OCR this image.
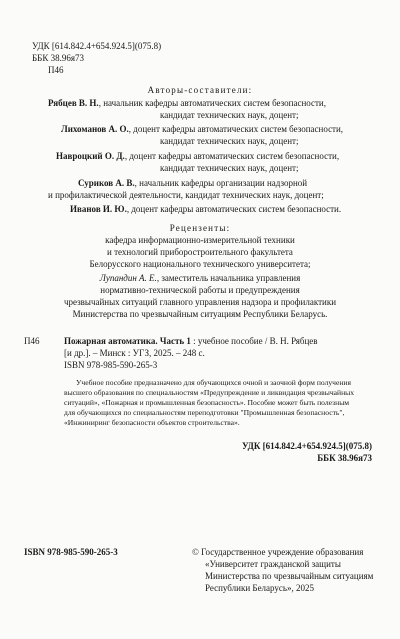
УДК [614.842.4+654.924.5](075.8)
ББК 38.96я73
П46
Авторы-составители:
Рябцев В. Н., начальник кафедры автоматических систем безопасности,
кандидат технических наук, доцент;
Лихоманов А. О., доцент кафедры автоматических систем безопасности,
кандидат технических наук, доцент;
Навроцкий О. Д., доцент кафедры автоматических систем безопасности,
кандидат технических наук, доцент;
Суриков А. В., начальник кафедры организации надзорной
и профилактической деятельности, кандидат технических наук, доцент;
Иванов И. Ю., доцент кафедры автоматических систем безопасности.
Рецензенты:
кафедра информационно-измерительной техники
и технологий приборостроительного факультета
Белорусского национального технического университета;
Лупандин А. Е., заместитель начальника управления
нормативно-технической работы и предупреждения
чрезвычайных ситуаций главного управления надзора и профилактики
Министерства по чрезвычайным ситуациям Республики Беларусь.
П46	Пожарная автоматика. Часть 1 : учебное пособие / В. Н. Рябцев
[и др.]. – Минск : УГЗ, 2025. – 248 с.
ISBN 978-985-590-265-3
Учебное пособие предназначено для обучающихся очной и заочной форм получения
высшего образования по специальностям «Предупреждение и ликвидация чрезвычайных
ситуаций», «Пожарная и промышленная безопасность». Пособие может быть полезным
для обучающихся по специальностям переподготовки "Промышленная безопасность",
«Инжиниринг безопасности объектов строительства».
УДК [614.842.4+654.924.5](075.8)
ББК 38.96я73
ISBN 978-985-590-265-3	© Государственное учреждение образования
«Университет гражданской защиты
Министерства по чрезвычайным ситуациям
Республики Беларусь», 2025
